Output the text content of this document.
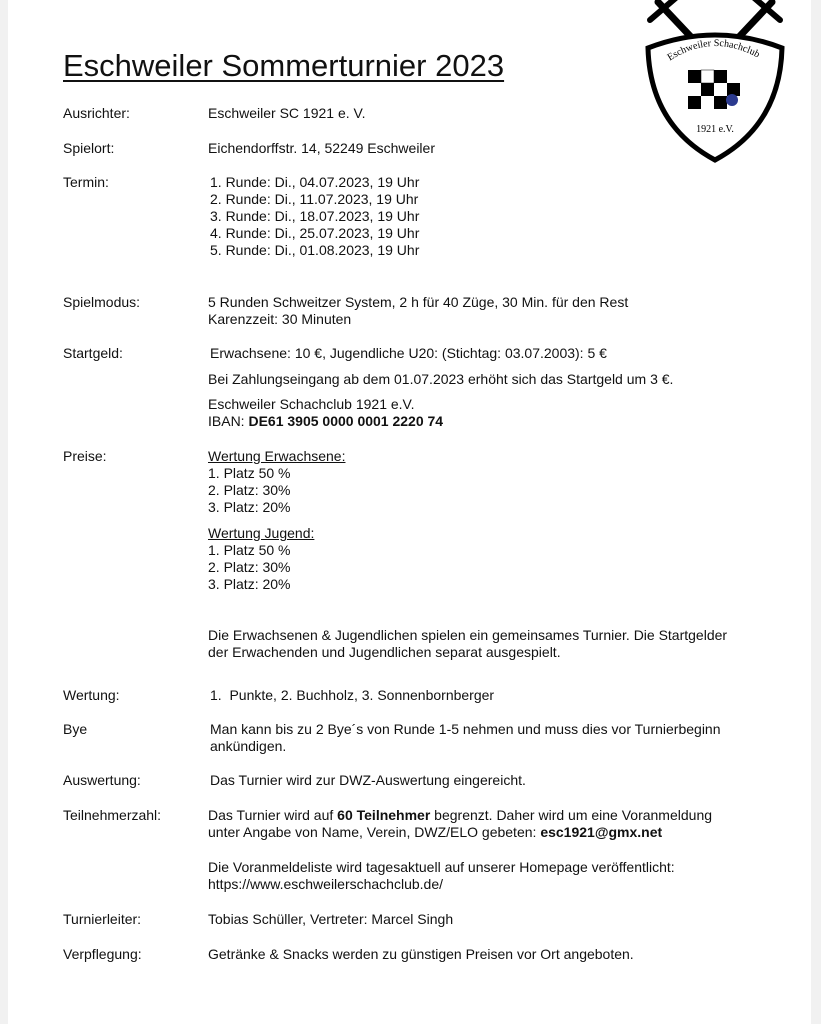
Eschweiler Sommerturnier 2023	Eschweiler Schachclub
1921 e.V.
Ausrichter:	Eschweiler SC 1921 e. V.
Spielort:	Eichendorffstr. 14, 52249 Eschweiler
Termin:	1. Runde: Di., 04.07.2023, 19 Uhr
2. Runde: Di., 11.07.2023, 19 Uhr
3. Runde: Di., 18.07.2023, 19 Uhr
4. Runde: Di., 25.07.2023, 19 Uhr
5. Runde: Di., 01.08.2023, 19 Uhr
Spielmodus:	5 Runden Schweitzer System, 2 h für 40 Züge, 30 Min. für den Rest
Karenzzeit: 30 Minuten
Startgeld:	Erwachsene: 10 €, Jugendliche U20: (Stichtag: 03.07.2003): 5 €
Bei Zahlungseingang ab dem 01.07.2023 erhöht sich das Startgeld um 3 €.
Eschweiler Schachclub 1921 e.V.
IBAN: DE61 3905 0000 0001 2220 74
Preise:	Wertung Erwachsene:
1. Platz 50 %
2. Platz: 30%
3. Platz: 20%
Wertung Jugend:
1. Platz 50 %
2. Platz: 30%
3. Platz: 20%
Die Erwachsenen & Jugendlichen spielen ein gemeinsames Turnier. Die Startgelder
der Erwachenden und Jugendlichen separat ausgespielt.
Wertung:	1.  Punkte, 2. Buchholz, 3. Sonnenbornberger
Bye	Man kann bis zu 2 Bye´s von Runde 1-5 nehmen und muss dies vor Turnierbeginn
ankündigen.
Auswertung:	Das Turnier wird zur DWZ-Auswertung eingereicht.
Teilnehmerzahl:	Das Turnier wird auf 60 Teilnehmer begrenzt. Daher wird um eine Voranmeldung
unter Angabe von Name, Verein, DWZ/ELO gebeten: esc1921@gmx.net
Die Voranmeldeliste wird tagesaktuell auf unserer Homepage veröffentlicht:
https://www.eschweilerschachclub.de/
Turnierleiter:	Tobias Schüller, Vertreter: Marcel Singh
Verpflegung:	Getränke & Snacks werden zu günstigen Preisen vor Ort angeboten.
